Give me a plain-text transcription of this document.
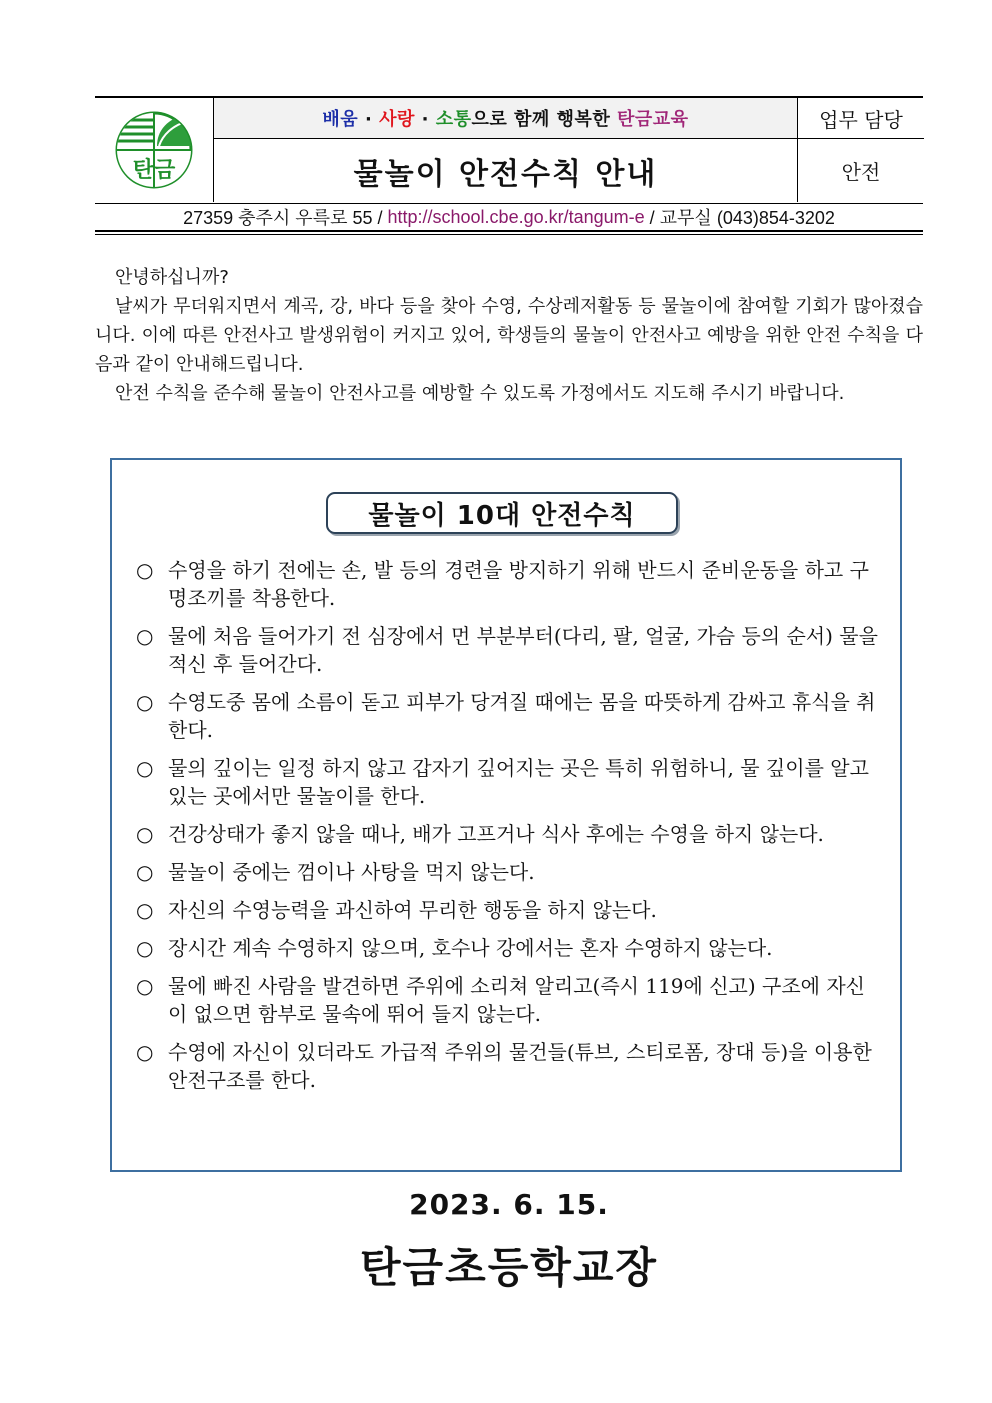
탄금
배움 · 사랑 · 소통으로 함께 행복한 탄금교육
물놀이 안전수칙 안내
업무 담당
안전
27359 충주시 우륵로 55 / http://school.cbe.go.kr/tangum-e / 교무실 (043)854-3202

안녕하십니까?

날씨가 무더워지면서 계곡, 강, 바다 등을 찾아 수영, 수상레저활동 등 물놀이에 참여할 기회가 많아졌습니다. 이에 따른 안전사고 발생위험이 커지고 있어, 학생들의 물놀이 안전사고 예방을 위한 안전 수칙을 다음과 같이 안내해드립니다.

안전 수칙을 준수해 물놀이 안전사고를 예방할 수 있도록 가정에서도 지도해 주시기 바랍니다.

물놀이 10대 안전수칙
○ 수영을 하기 전에는 손, 발 등의 경련을 방지하기 위해 반드시 준비운동을 하고 구명조끼를 착용한다.
○ 물에 처음 들어가기 전 심장에서 먼 부분부터(다리, 팔, 얼굴, 가슴 등의 순서) 물을 적신 후 들어간다.
○ 수영도중 몸에 소름이 돋고 피부가 당겨질 때에는 몸을 따뜻하게 감싸고 휴식을 취한다.
○ 물의 깊이는 일정 하지 않고 갑자기 깊어지는 곳은 특히 위험하니, 물 깊이를 알고 있는 곳에서만 물놀이를 한다.
○ 건강상태가 좋지 않을 때나, 배가 고프거나 식사 후에는 수영을 하지 않는다.
○ 물놀이 중에는 껌이나 사탕을 먹지 않는다.
○ 자신의 수영능력을 과신하여 무리한 행동을 하지 않는다.
○ 장시간 계속 수영하지 않으며, 호수나 강에서는 혼자 수영하지 않는다.
○ 물에 빠진 사람을 발견하면 주위에 소리쳐 알리고(즉시 119에 신고) 구조에 자신이 없으면 함부로 물속에 뛰어 들지 않는다.
○ 수영에 자신이 있더라도 가급적 주위의 물건들(튜브, 스티로폼, 장대 등)을 이용한 안전구조를 한다.
2023. 6. 15.
탄금초등학교장
